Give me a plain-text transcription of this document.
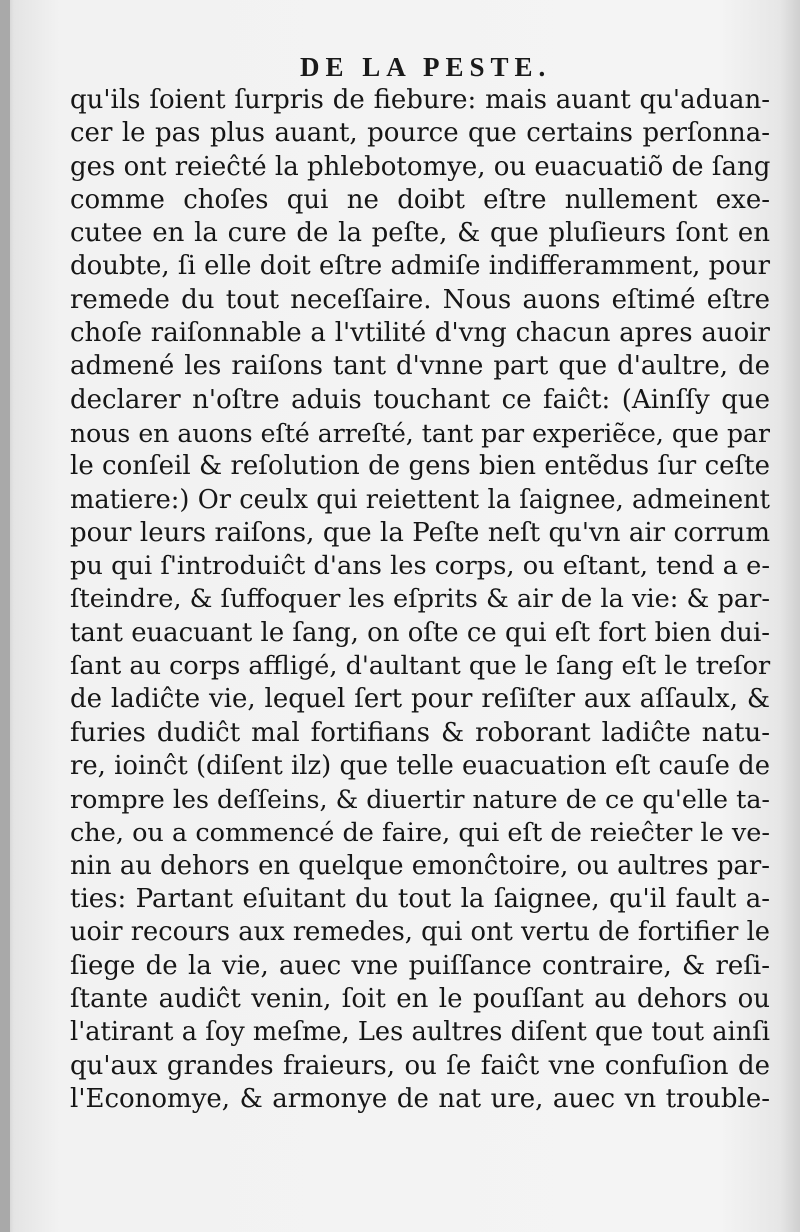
DE LA PESTE.
qu'ils ſoient ſurpris de fiebure: mais auant qu'aduan-
cer le pas plus auant, pource que certains perſonna-
ges ont reieĉté la phlebotomye, ou euacuatiõ de ſang
comme choſes qui ne doibt eſtre nullement exe-
cutee en la cure de la peſte, & que pluſieurs ſont en
doubte, ſi elle doit eſtre admiſe indifferamment, pour
remede du tout neceſſaire. Nous auons eſtimé eſtre
choſe raiſonnable a l'vtilité d'vng chacun apres auoir
admené les raiſons tant d'vnne part que d'aultre, de
declarer n'oſtre aduis touchant ce faiĉt: (Ainſſy que
nous en auons eſté arreſté, tant par experiẽce, que par
le conſeil & reſolution de gens bien entẽdus ſur ceſte
matiere:) Or ceulx qui reiettent la ſaignee, admeinent
pour leurs raiſons, que la Peſte neſt qu'vn air corrum
pu qui ſ'introduiĉt d'ans les corps, ou eſtant, tend a e-
ſteindre, & ſuffoquer les eſprits & air de la vie: & par-
tant euacuant le ſang, on oſte ce qui eſt fort bien dui-
ſant au corps affligé, d'aultant que le ſang eſt le treſor
de ladiĉte vie, lequel ſert pour reſiſter aux aſſaulx, &
furies dudiĉt mal fortifians & roborant ladiĉte natu-
re, ioinĉt (diſent ilz) que telle euacuation eſt cauſe de
rompre les deſſeins, & diuertir nature de ce qu'elle ta-
che, ou a commencé de faire, qui eſt de reieĉter le ve-
nin au dehors en quelque emonĉtoire, ou aultres par-
ties: Partant eſuitant du tout la ſaignee, qu'il fault a-
uoir recours aux remedes, qui ont vertu de fortifier le
ſiege de la vie, auec vne puiſſance contraire, & reſi-
ſtante audiĉt venin, ſoit en le pouſſant au dehors ou
l'atirant a ſoy meſme, Les aultres diſent que tout ainſi
qu'aux grandes fraieurs, ou ſe faiĉt vne confuſion de
l'Economye, & armonye de nat ure, auec vn trouble-
